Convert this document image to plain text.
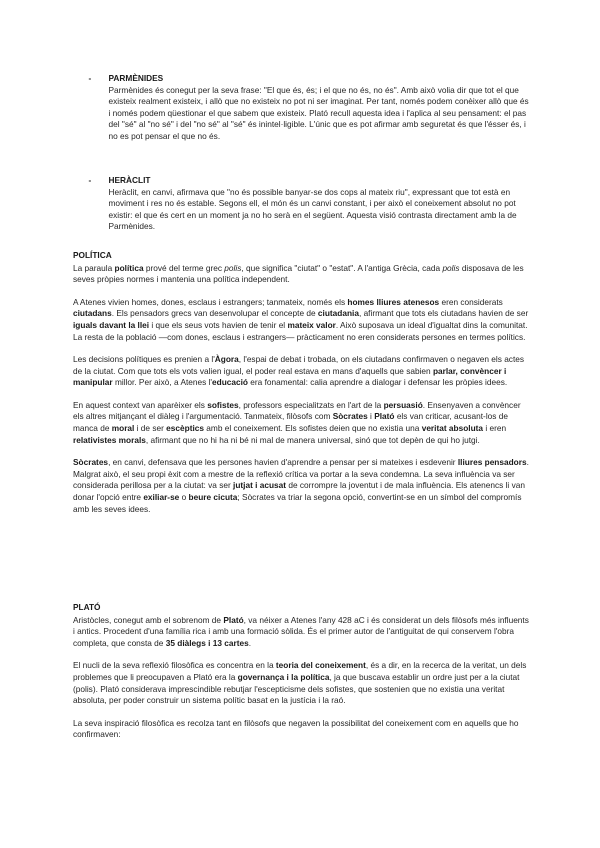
- PARMÈNIDES
Parmènides és conegut per la seva frase: "El que és, és; i el que no és, no és". Amb això volia dir que tot el que existeix realment existeix, i allò que no existeix no pot ni ser imaginat. Per tant, només podem conèixer allò que és i només podem qüestionar el que sabem que existeix. Plató recull aquesta idea i l'aplica al seu pensament: el pas del "sé" al "no sé" i del "no sé" al "sé" és inintel·ligible. L'únic que es pot afirmar amb seguretat és que l'ésser és, i no es pot pensar el que no és.
- HERÀCLIT
Heràclit, en canvi, afirmava que "no és possible banyar-se dos cops al mateix riu", expressant que tot està en moviment i res no és estable. Segons ell, el món és un canvi constant, i per això el coneixement absolut no pot existir: el que és cert en un moment ja no ho serà en el següent. Aquesta visió contrasta directament amb la de Parmènides.
POLÍTICA

La paraula política prové del terme grec polis, que significa "ciutat" o "estat". A l'antiga Grècia, cada polis disposava de les seves pròpies normes i mantenia una política independent.

A Atenes vivien homes, dones, esclaus i estrangers; tanmateix, només els homes lliures atenesos eren considerats ciutadans. Els pensadors grecs van desenvolupar el concepte de ciutadania, afirmant que tots els ciutadans havien de ser iguals davant la llei i que els seus vots havien de tenir el mateix valor. Això suposava un ideal d'igualtat dins la comunitat. La resta de la població —com dones, esclaus i estrangers— pràcticament no eren considerats persones en termes polítics.

Les decisions polítiques es prenien a l'Àgora, l'espai de debat i trobada, on els ciutadans confirmaven o negaven els actes de la ciutat. Com que tots els vots valien igual, el poder real estava en mans d'aquells que sabien parlar, convèncer i manipular millor. Per això, a Atenes l'educació era fonamental: calia aprendre a dialogar i defensar les pròpies idees.

En aquest context van aparèixer els sofistes, professors especialitzats en l'art de la persuasió. Ensenyaven a convèncer els altres mitjançant el diàleg i l'argumentació. Tanmateix, filòsofs com Sòcrates i Plató els van criticar, acusant-los de manca de moral i de ser escèptics amb el coneixement. Els sofistes deien que no existia una veritat absoluta i eren relativistes morals, afirmant que no hi ha ni bé ni mal de manera universal, sinó que tot depèn de qui ho jutgi.

Sòcrates, en canvi, defensava que les persones havien d'aprendre a pensar per si mateixes i esdevenir lliures pensadors. Malgrat això, el seu propi èxit com a mestre de la reflexió crítica va portar a la seva condemna. La seva influència va ser considerada perillosa per a la ciutat: va ser jutjat i acusat de corrompre la joventut i de mala influència. Els atenencs li van donar l'opció entre exiliar-se o beure cicuta; Sòcrates va triar la segona opció, convertint-se en un símbol del compromís amb les seves idees.

PLATÓ

Aristòcles, conegut amb el sobrenom de Plató, va néixer a Atenes l'any 428 aC i és considerat un dels filòsofs més influents i antics. Procedent d'una família rica i amb una formació sòlida. És el primer autor de l'antiguitat de qui conservem l'obra completa, que consta de 35 diàlegs i 13 cartes.

El nucli de la seva reflexió filosòfica es concentra en la teoria del coneixement, és a dir, en la recerca de la veritat, un dels problemes que li preocupaven a Plató era la governança i la política, ja que buscava establir un ordre just per a la ciutat (polis). Plató considerava imprescindible rebutjar l'escepticisme dels sofistes, que sostenien que no existia una veritat absoluta, per poder construir un sistema polític basat en la justícia i la raó.

La seva inspiració filosòfica es recolza tant en filòsofs que negaven la possibilitat del coneixement com en aquells que ho confirmaven:
